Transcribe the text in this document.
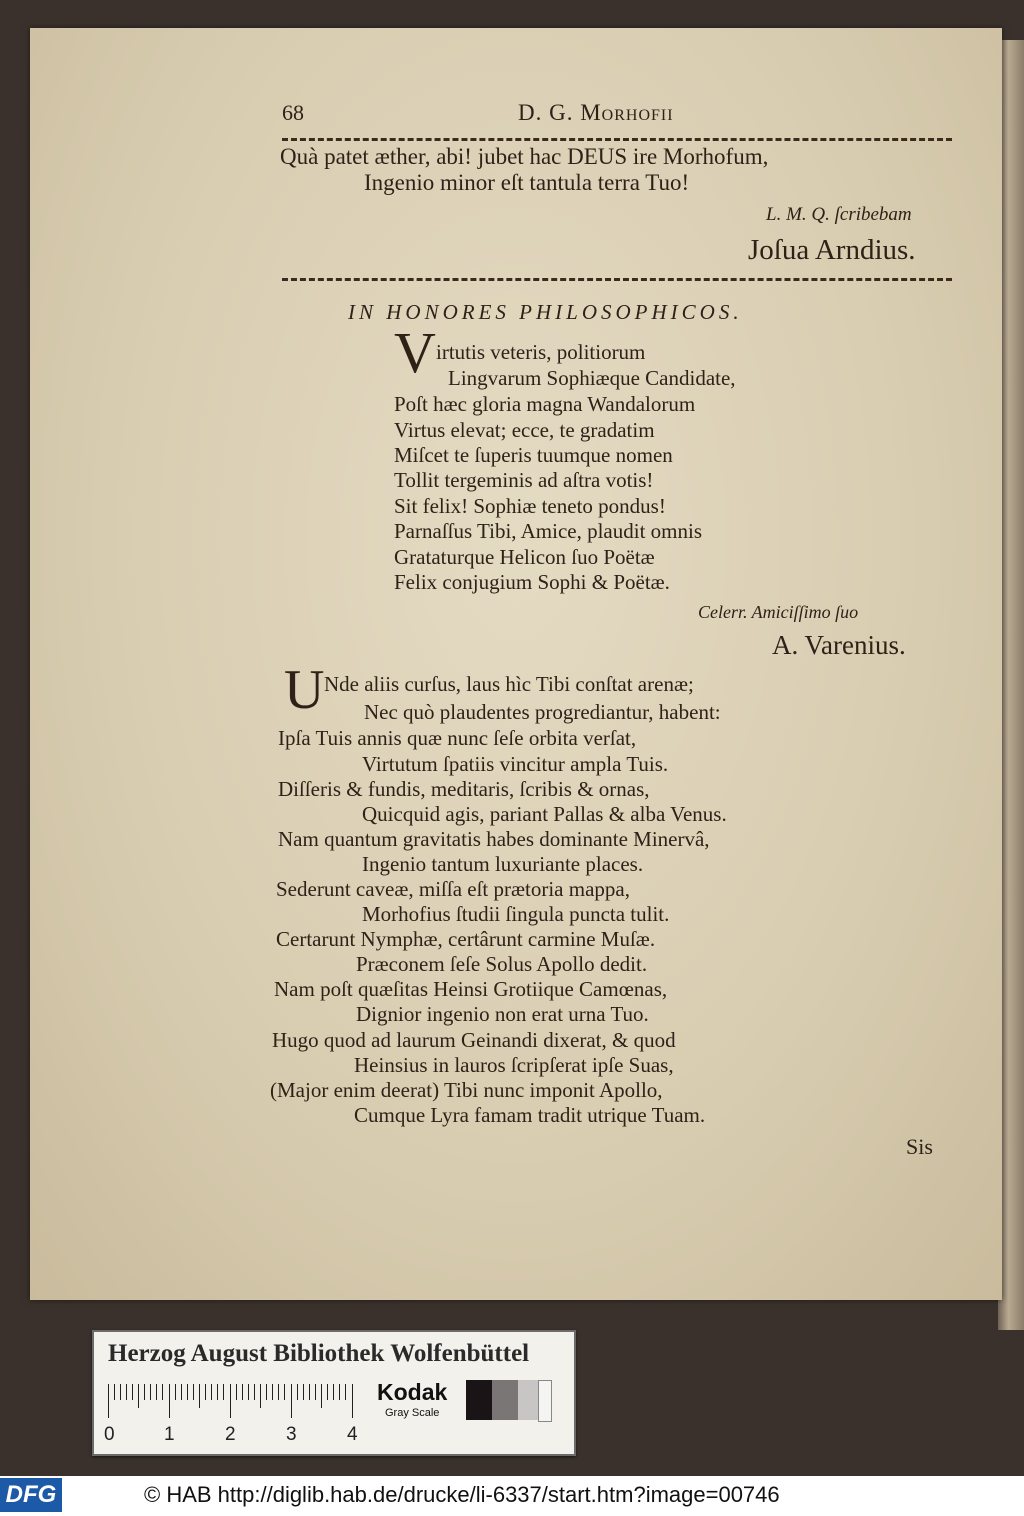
68	D. G. Morhofii
Quà patet æther, abi! jubet hac DEUS ire Morhofum,
Ingenio minor eſt tantula terra Tuo!
L. M. Q. ſcribebam
Joſua Arndius.
IN HONORES PHILOSOPHICOS.
V irtutis veteris, politiorum
Lingvarum Sophiæque Candidate,
Poſt hæc gloria magna Wandalorum
Virtus elevat; ecce, te gradatim
Miſcet te ſuperis tuumque nomen
Tollit tergeminis ad aſtra votis!
Sit felix! Sophiæ teneto pondus!
Parnaſſus Tibi, Amice, plaudit omnis
Grataturque Helicon ſuo Poëtæ
Felix conjugium Sophi & Poëtæ.
Celerr. Amiciſſimo ſuo
A. Varenius.
U Nde aliis curſus, laus hìc Tibi conſtat arenæ;
Nec quò plaudentes progrediantur, habent:
Ipſa Tuis annis quæ nunc ſeſe orbita verſat,
Virtutum ſpatiis vincitur ampla Tuis.
Diſſeris & fundis, meditaris, ſcribis & ornas,
Quicquid agis, pariant Pallas & alba Venus.
Nam quantum gravitatis habes dominante Minervâ,
Ingenio tantum luxuriante places.
Sederunt caveæ, miſſa eſt prætoria mappa,
Morhofius ſtudii ſingula puncta tulit.
Certarunt Nymphæ, certârunt carmine Muſæ.
Præconem ſeſe Solus Apollo dedit.
Nam poſt quæſitas Heinsi Grotiique Camœnas,
Dignior ingenio non erat urna Tuo.
Hugo quod ad laurum Geinandi dixerat, & quod
Heinsius in lauros ſcripſerat ipſe Suas,
(Major enim deerat) Tibi nunc imponit Apollo,
Cumque Lyra famam tradit utrique Tuam.
Sis
Herzog August Bibliothek Wolfenbüttel
0	1	2	3	4
Kodak
Gray Scale
DFG	© HAB http://diglib.hab.de/drucke/li-6337/start.htm?image=00746
